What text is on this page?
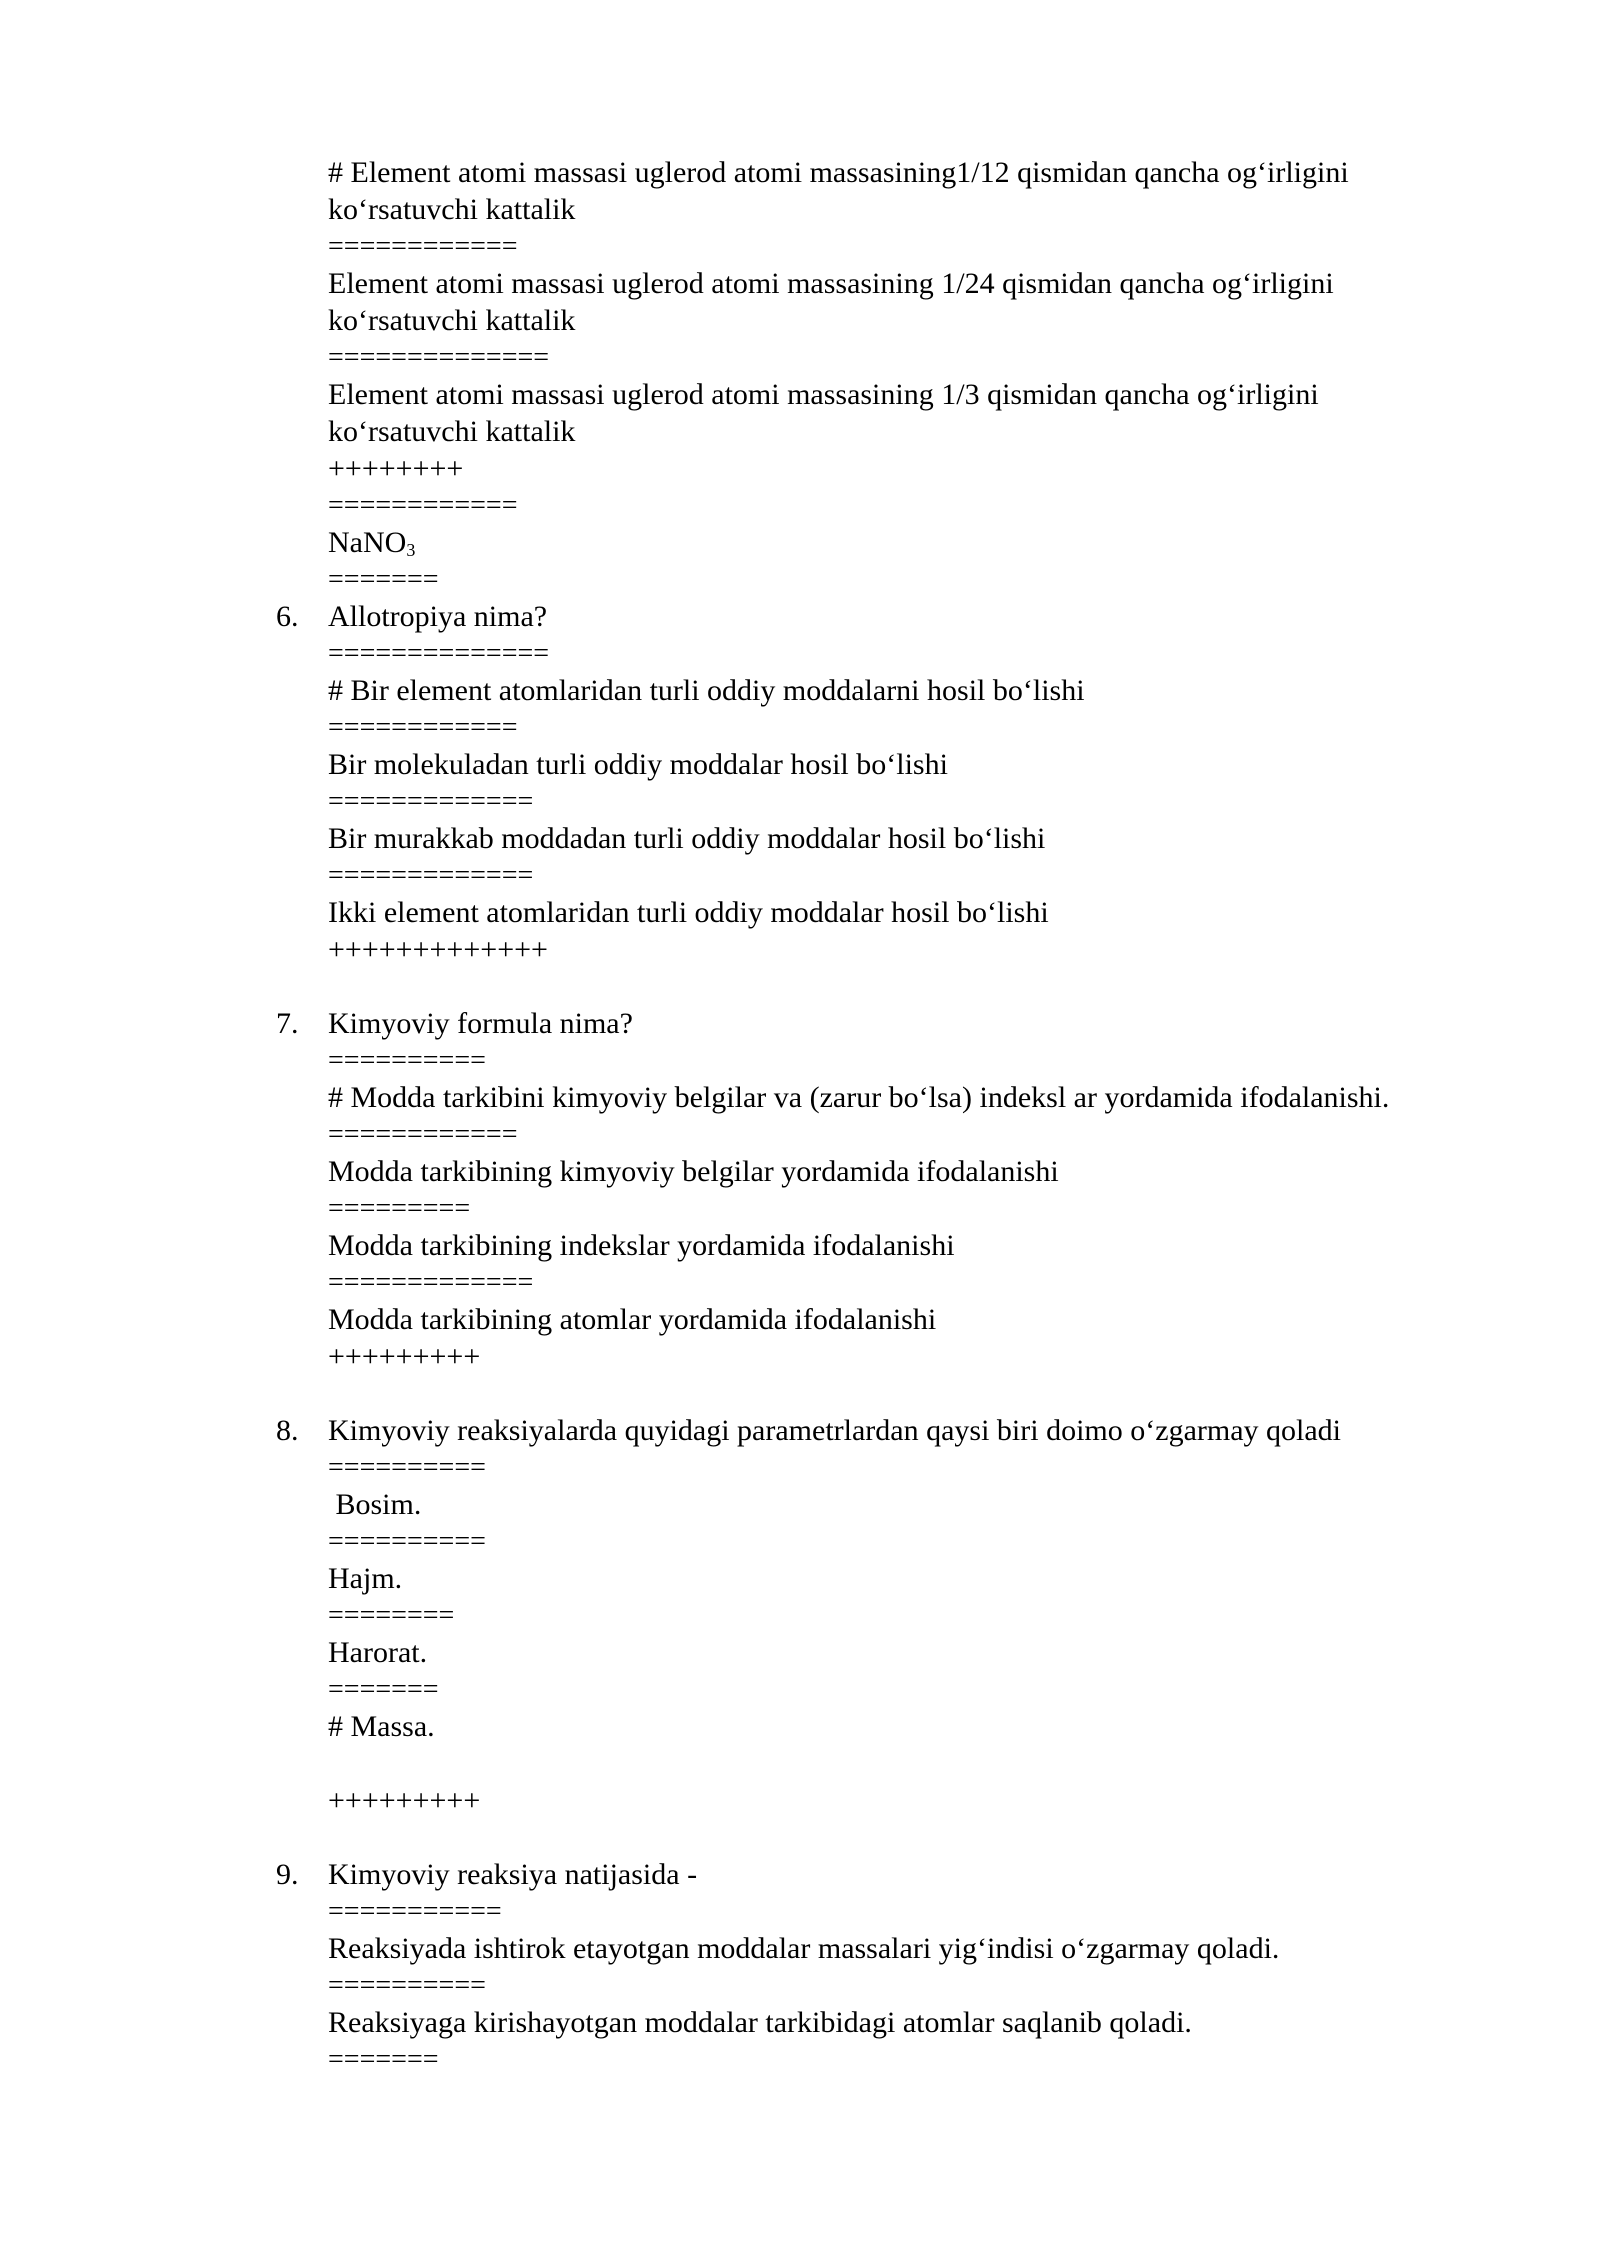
# Element atomi massasi uglerod atomi massasining1/12 qismidan qancha og‘irligini
ko‘rsatuvchi kattalik
============
Element atomi massasi uglerod atomi massasining 1/24 qismidan qancha og‘irligini
ko‘rsatuvchi kattalik
==============
Element atomi massasi uglerod atomi massasining 1/3 qismidan qancha og‘irligini
ko‘rsatuvchi kattalik
++++++++
============
NaNO$_3$
=======
6. Allotropiya nima?
==============
# Bir element atomlaridan turli oddiy moddalarni hosil bo‘lishi
============
Bir molekuladan turli oddiy moddalar hosil bo‘lishi
=============
Bir murakkab moddadan turli oddiy moddalar hosil bo‘lishi
=============
Ikki element atomlaridan turli oddiy moddalar hosil bo‘lishi
+++++++++++++
7. Kimyoviy formula nima?
==========
# Modda tarkibini kimyoviy belgilar va (zarur bo‘lsa) indeksl ar yordamida ifodalanishi.
============
Modda tarkibining kimyoviy belgilar yordamida ifodalanishi
=========
Modda tarkibining indekslar yordamida ifodalanishi
=============
Modda tarkibining atomlar yordamida ifodalanishi
+++++++++
8. Kimyoviy reaksiyalarda quyidagi parametrlardan qaysi biri doimo o‘zgarmay qoladi
==========
Bosim.
==========
Hajm.
========
Harorat.
=======
# Massa.
+++++++++
9. Kimyoviy reaksiya natijasida -
===========
Reaksiyada ishtirok etayotgan moddalar massalari yig‘indisi o‘zgarmay qoladi.
==========
Reaksiyaga kirishayotgan moddalar tarkibidagi atomlar saqlanib qoladi.
=======
